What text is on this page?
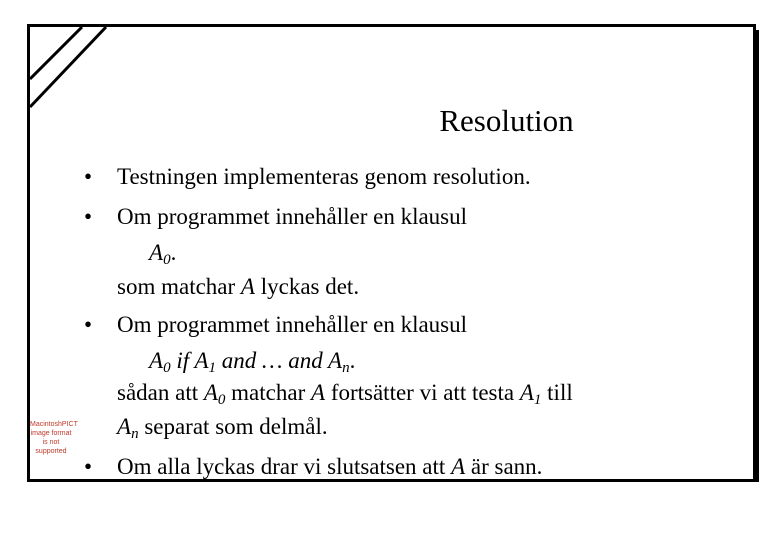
Resolution
•	Testningen implementeras genom resolution.
•	Om programmet innehåller en klausul
$A_0$.
som matchar A lyckas det.
•	Om programmet innehåller en klausul
$A_0$ if $A_1$ and … and $A_n$.
sådan att $A_0$ matchar A fortsätter vi att testa $A_1$ till
$A_n$ separat som delmål.
•	Om alla lyckas drar vi slutsatsen att A är sann.
MacintoshPICT
image format
is not supported
